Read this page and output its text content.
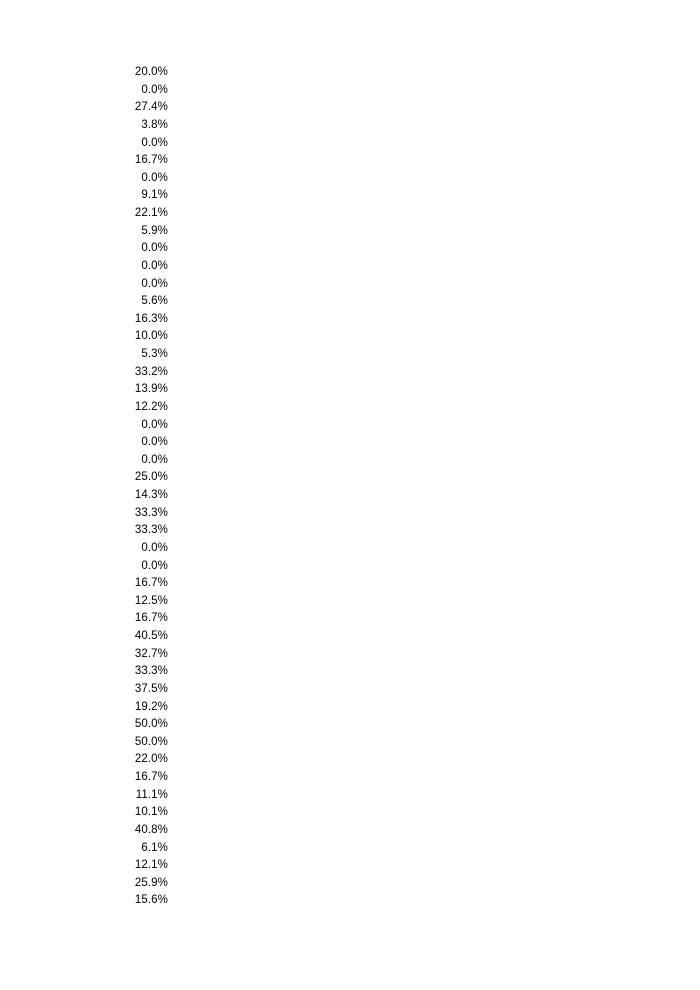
20.0%
0.0%
27.4%
3.8%
0.0%
16.7%
0.0%
9.1%
22.1%
5.9%
0.0%
0.0%
0.0%
5.6%
16.3%
10.0%
5.3%
33.2%
13.9%
12.2%
0.0%
0.0%
0.0%
25.0%
14.3%
33.3%
33.3%
0.0%
0.0%
16.7%
12.5%
16.7%
40.5%
32.7%
33.3%
37.5%
19.2%
50.0%
50.0%
22.0%
16.7%
11.1%
10.1%
40.8%
6.1%
12.1%
25.9%
15.6%
